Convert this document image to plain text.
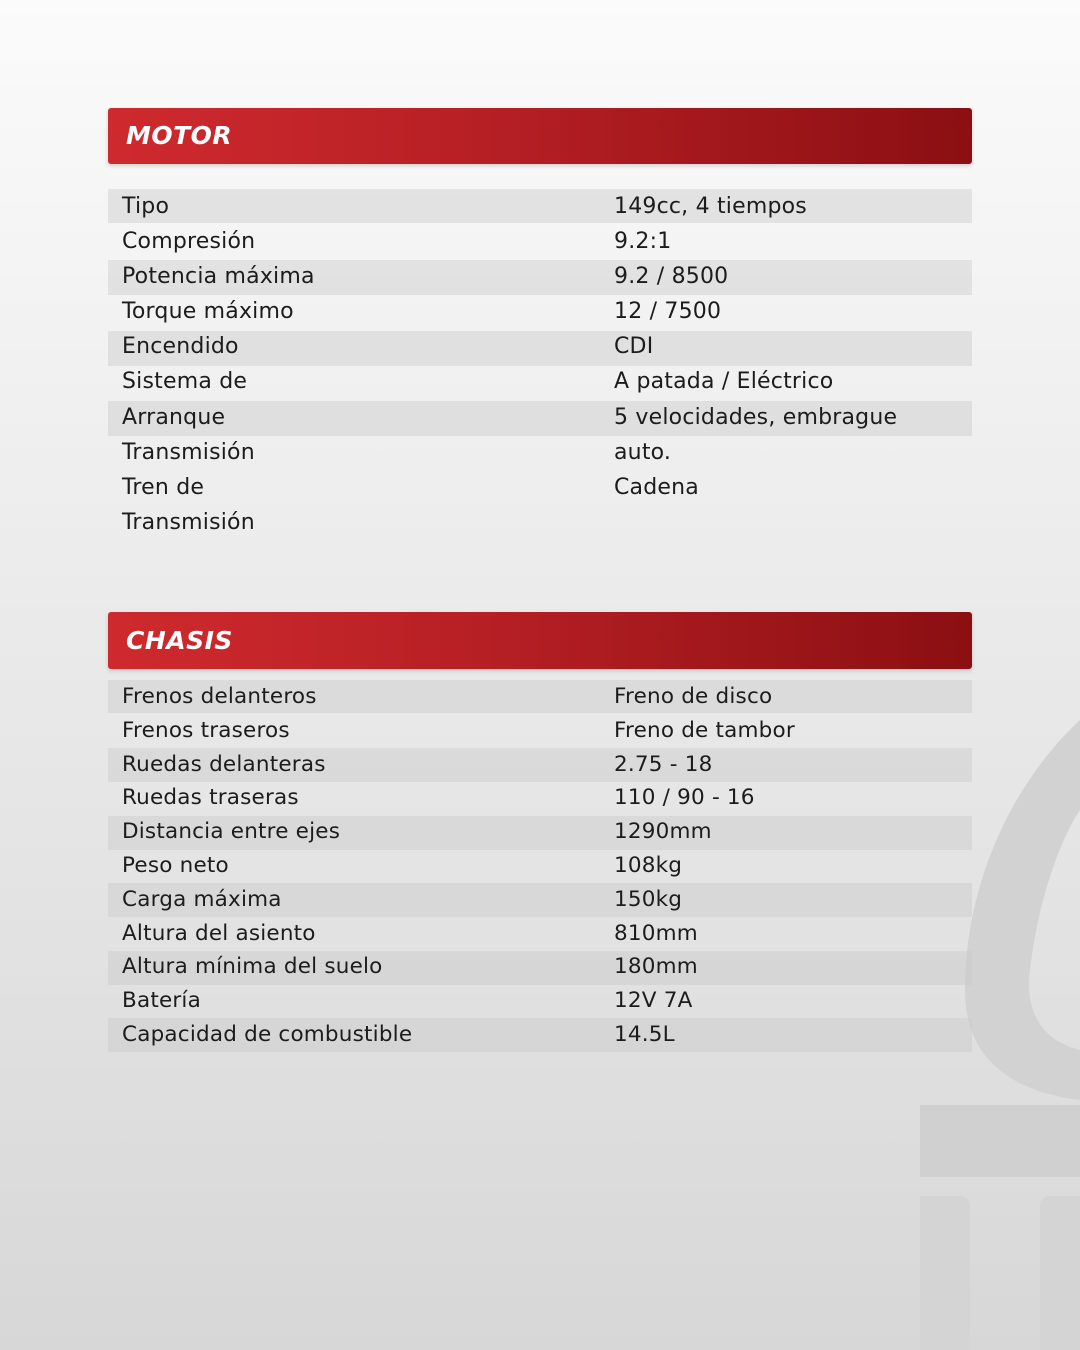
MOTOR
Tipo
Compresión
Potencia máxima
Torque máximo
Encendido
Sistema de
Arranque
Transmisión
Tren de
Transmisión
149cc, 4 tiempos
9.2:1
9.2 / 8500
12 / 7500
CDI
A patada / Eléctrico
5 velocidades, embrague
auto.
Cadena
CHASIS
Frenos delanteros
Frenos traseros
Ruedas delanteras
Ruedas traseras
Distancia entre ejes
Peso neto
Carga máxima
Altura del asiento
Altura mínima del suelo
Batería
Capacidad de combustible
Freno de disco
Freno de tambor
2.75 - 18
110 / 90 - 16
1290mm
108kg
150kg
810mm
180mm
12V 7A
14.5L
